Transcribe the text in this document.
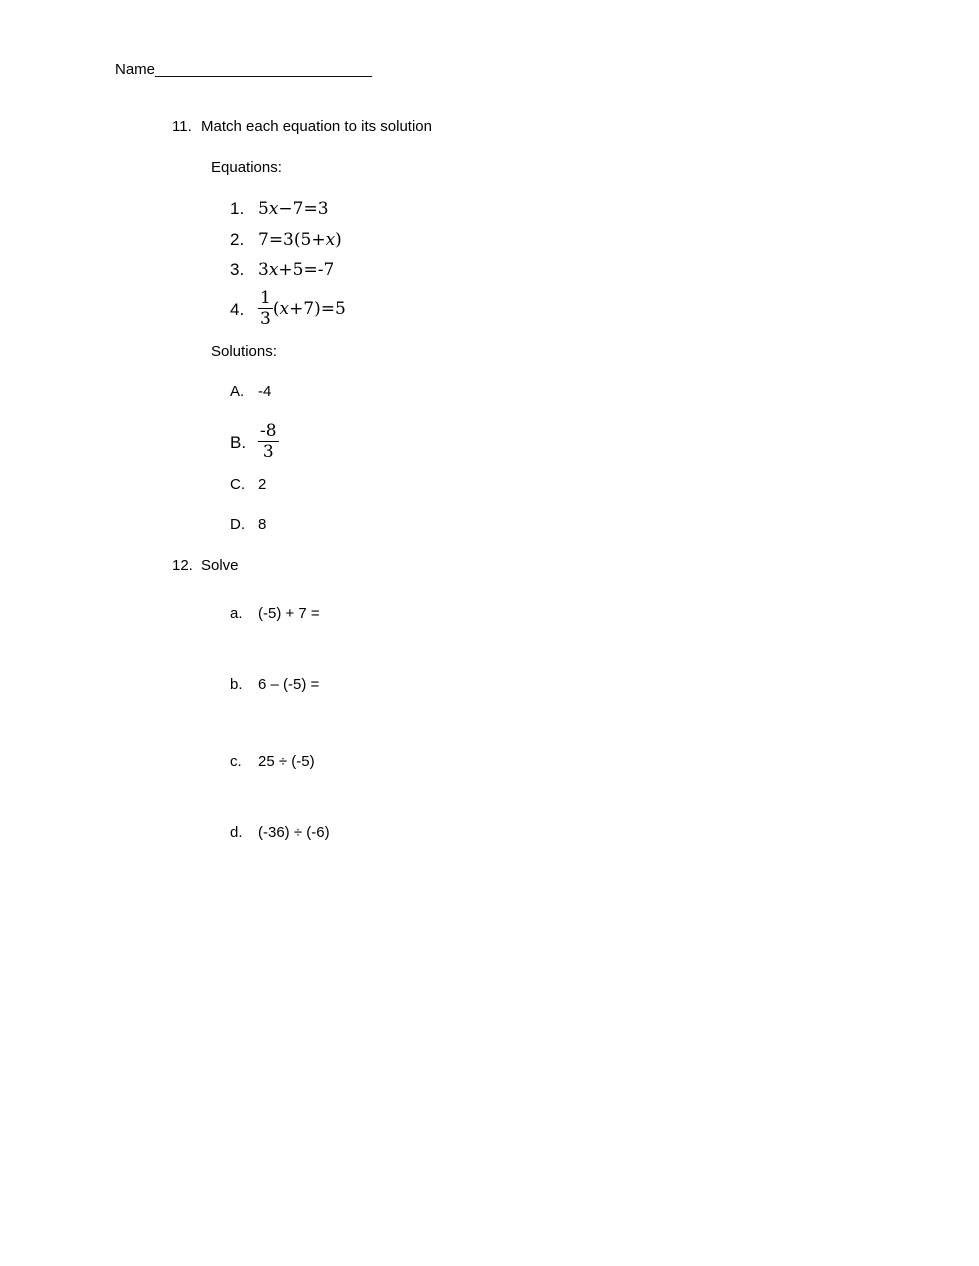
Name__________________________
11. Match each equation to its solution
Equations:
1. 5x−7=3
2. 7=3(5+x)
3. 3x+5=-7
4. $\frac{1}{3} (x+7)=5$
Solutions:
A. -4
B. $\frac{-8}{3}$
C. 2
D. 8
12. Solve
a. (-5) + 7 =
b. 6 – (-5) =
c. 25 ÷ (-5)
d. (-36) ÷ (-6)
